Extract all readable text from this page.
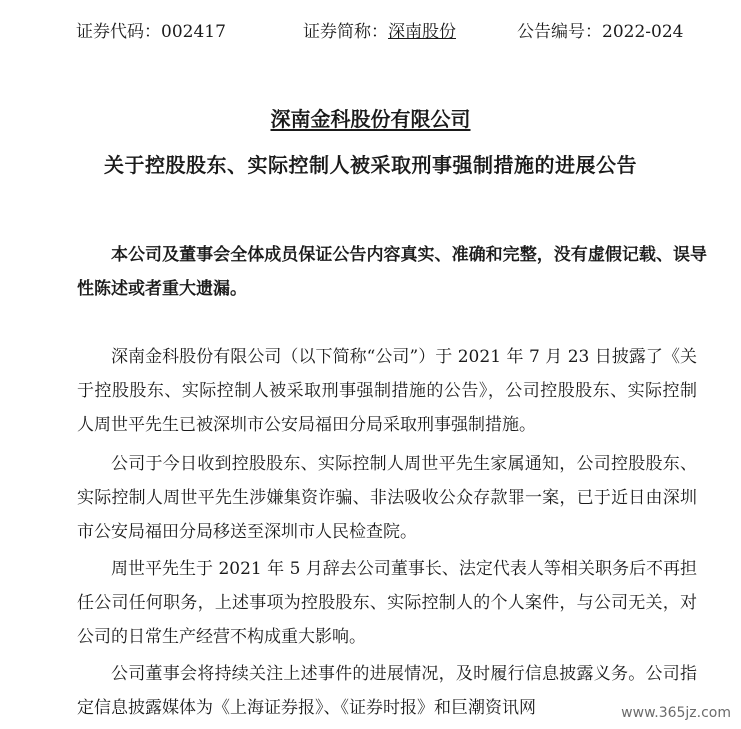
证券代码：002417	证券简称：深南股份	公告编号：2022-024
深南金科股份有限公司
关于控股股东、实际控制人被采取刑事强制措施的进展公告
本公司及董事会全体成员保证公告内容真实、准确和完整，没有虚假记载、误导性陈述或者重大遗漏。
深南金科股份有限公司（以下简称“公司”）于 2021 年 7 月 23 日披露了《关于控股股东、实际控制人被采取刑事强制措施的公告》，公司控股股东、实际控制人周世平先生已被深圳市公安局福田分局采取刑事强制措施。
公司于今日收到控股股东、实际控制人周世平先生家属通知，公司控股股东、实际控制人周世平先生涉嫌集资诈骗、非法吸收公众存款罪一案，已于近日由深圳市公安局福田分局移送至深圳市人民检查院。
周世平先生于 2021 年 5 月辞去公司董事长、法定代表人等相关职务后不再担任公司任何职务，上述事项为控股股东、实际控制人的个人案件，与公司无关，对公司的日常生产经营不构成重大影响。
公司董事会将持续关注上述事件的进展情况，及时履行信息披露义务。公司指定信息披露媒体为《上海证券报》、《证券时报》和巨潮资讯网	www.365jz.com
